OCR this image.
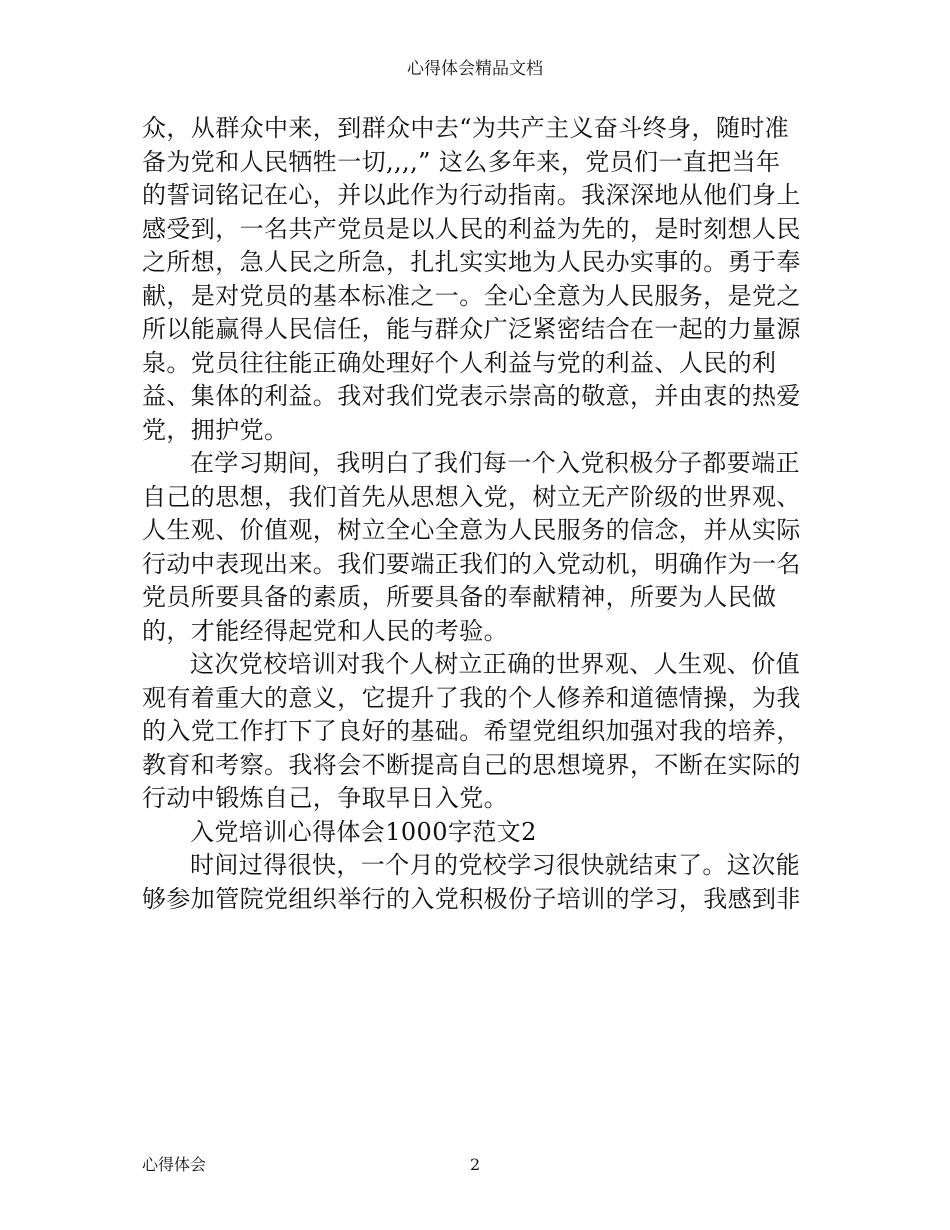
心得体会精品文档
众，从群众中来，到群众中去“为共产主义奋斗终身，随时准
备为党和人民牺牲一切,,,,” 这么多年来，党员们一直把当年
的誓词铭记在心，并以此作为行动指南。我深深地从他们身上
感受到，一名共产党员是以人民的利益为先的，是时刻想人民
之所想，急人民之所急，扎扎实实地为人民办实事的。勇于奉
献，是对党员的基本标准之一。全心全意为人民服务，是党之
所以能赢得人民信任，能与群众广泛紧密结合在一起的力量源
泉。党员往往能正确处理好个人利益与党的利益、人民的利
益、集体的利益。我对我们党表示崇高的敬意，并由衷的热爱
党，拥护党。
在学习期间，我明白了我们每一个入党积极分子都要端正
自己的思想，我们首先从思想入党，树立无产阶级的世界观、
人生观、价值观，树立全心全意为人民服务的信念，并从实际
行动中表现出来。我们要端正我们的入党动机，明确作为一名
党员所要具备的素质，所要具备的奉献精神，所要为人民做
的，才能经得起党和人民的考验。
这次党校培训对我个人树立正确的世界观、人生观、价值
观有着重大的意义，它提升了我的个人修养和道德情操，为我
的入党工作打下了良好的基础。希望党组织加强对我的培养，
教育和考察。我将会不断提高自己的思想境界，不断在实际的
行动中锻炼自己，争取早日入党。
入党培训心得体会1000字范文2
时间过得很快，一个月的党校学习很快就结束了。这次能
够参加管院党组织举行的入党积极份子培训的学习，我感到非
心得体会	2
